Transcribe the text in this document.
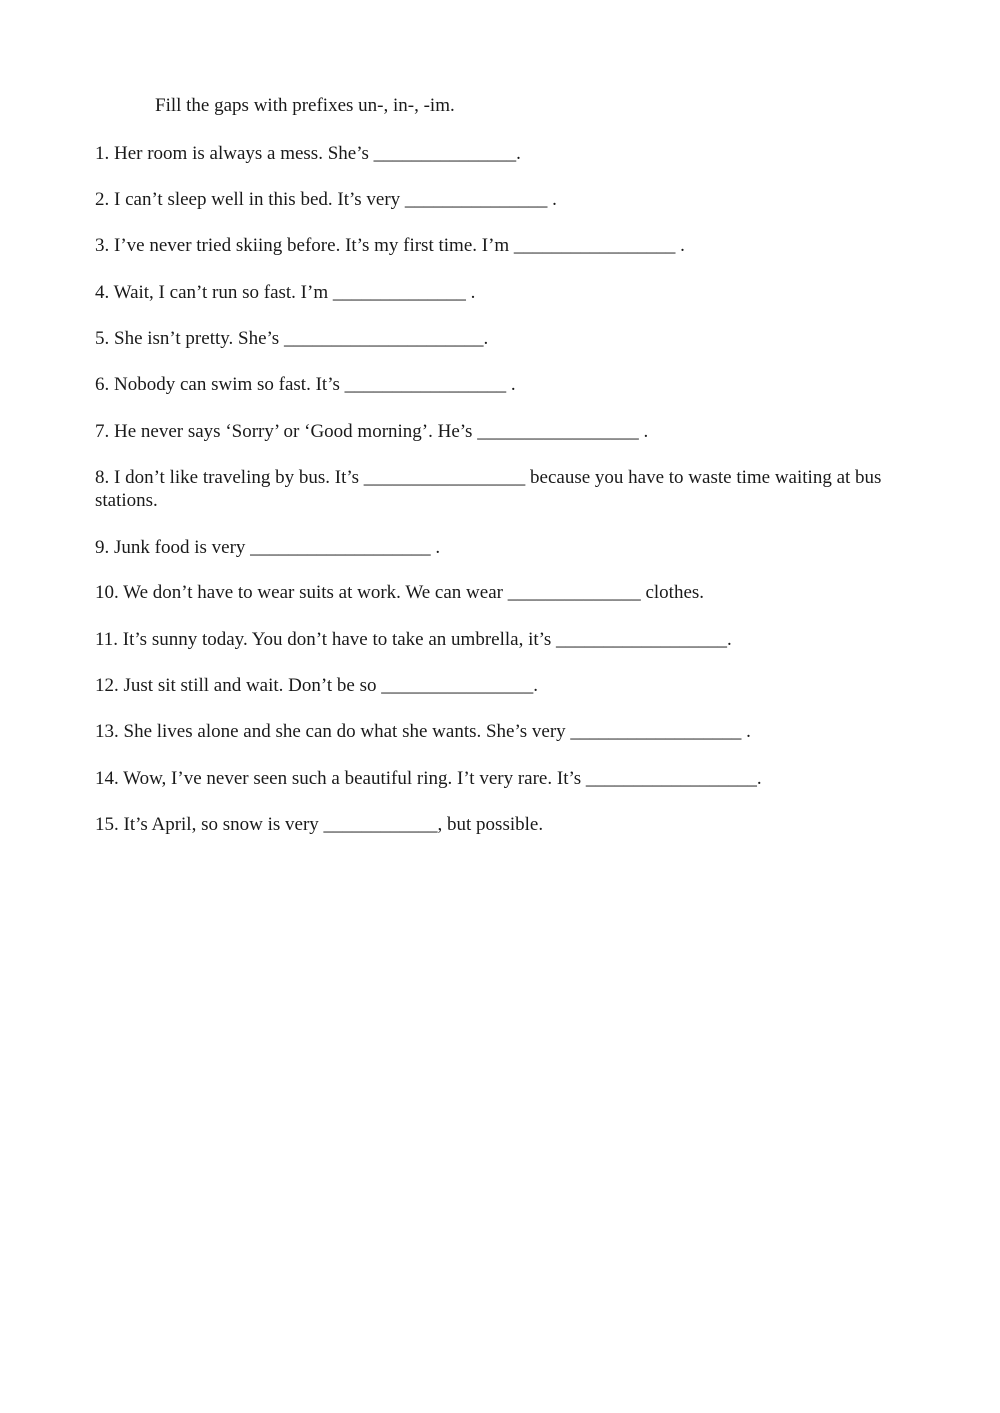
Fill the gaps with prefixes un-, in-, -im.
1. Her room is always a mess. She’s _______________.
2. I can’t sleep well in this bed. It’s very _______________ .
3. I’ve never tried skiing before. It’s my first time. I’m _________________ .
4. Wait, I can’t run so fast. I’m ______________ .
5. She isn’t pretty. She’s _____________________.
6. Nobody can swim so fast. It’s _________________ .
7. He never says ‘Sorry’ or ‘Good morning’. He’s _________________ .
8. I don’t like traveling by bus. It’s _________________ because you have to waste time waiting at bus stations.
9. Junk food is very ___________________ .
10. We don’t have to wear suits at work. We can wear ______________ clothes.
11. It’s sunny today. You don’t have to take an umbrella, it’s __________________.
12. Just sit still and wait. Don’t be so ________________.
13. She lives alone and she can do what she wants. She’s very __________________ .
14. Wow, I’ve never seen such a beautiful ring. I’t very rare. It’s __________________.
15. It’s April, so snow is very ____________, but possible.
